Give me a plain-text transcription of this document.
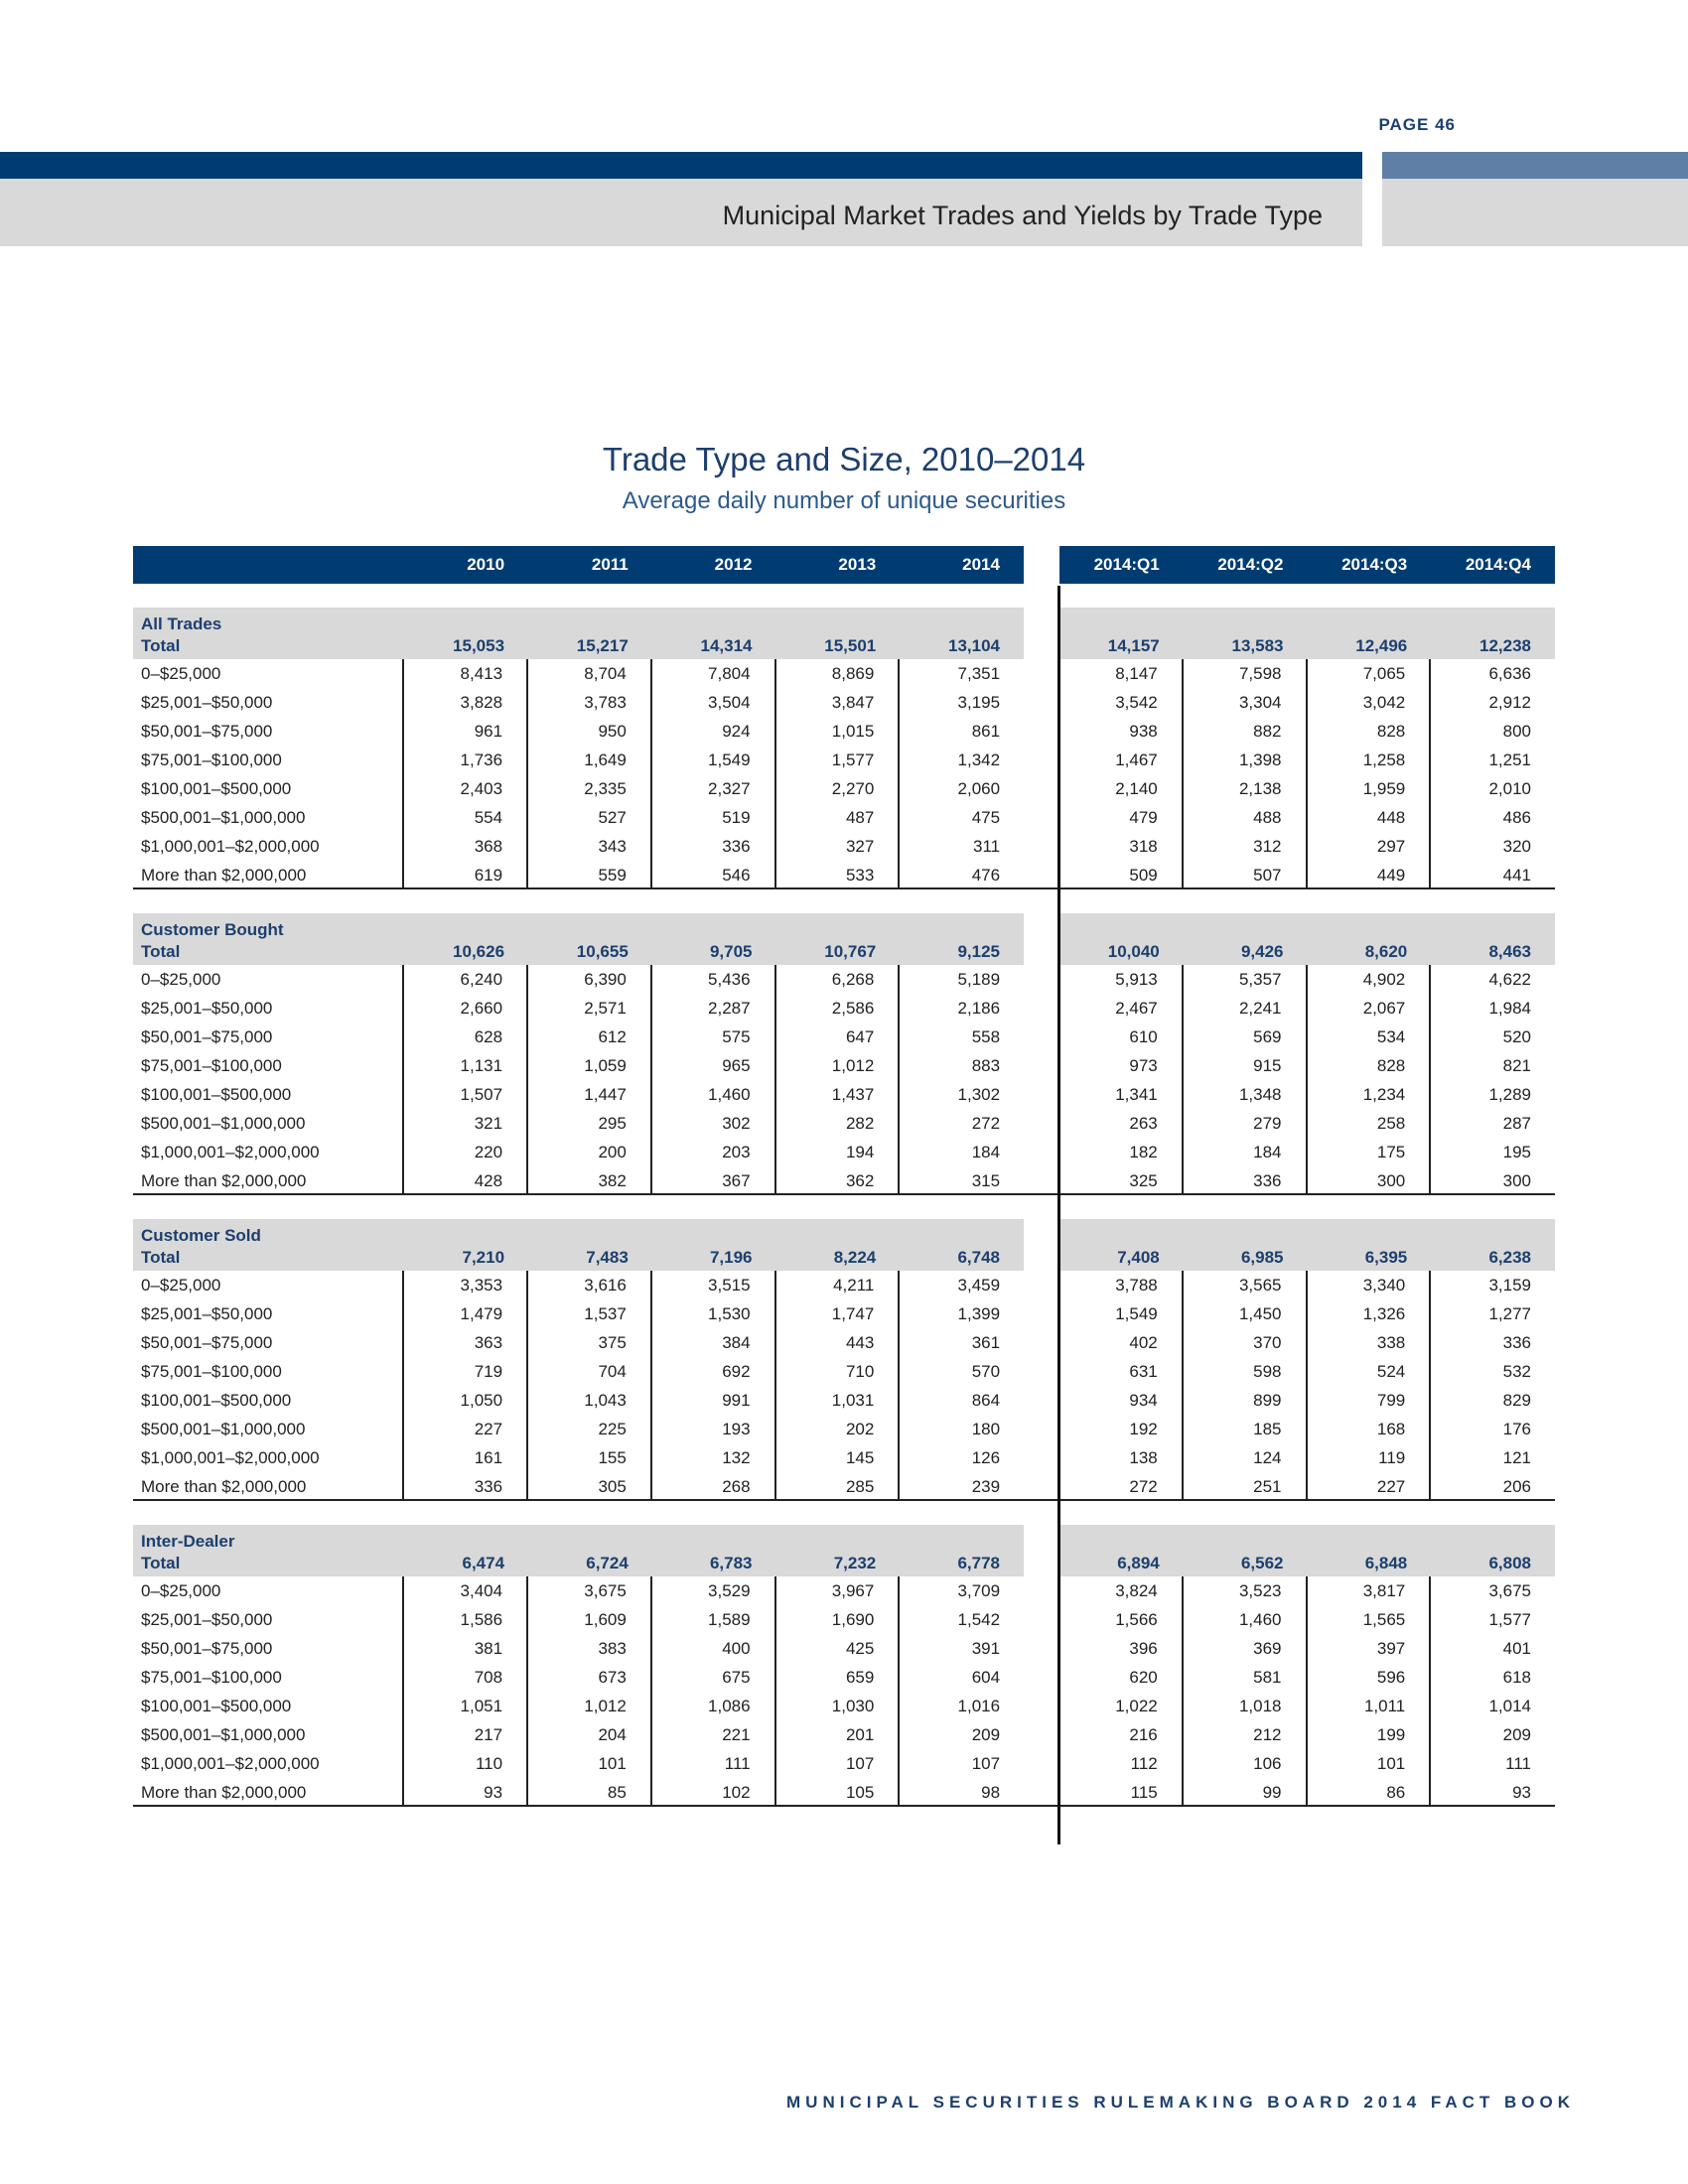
PAGE 46
Municipal Market Trades and Yields by Trade Type
Trade Type and Size, 2010–2014
Average daily number of unique securities
2010	2011	2012	2013	2014	2014:Q1	2014:Q2	2014:Q3	2014:Q4
All Trades
Total	15,053	15,217	14,314	15,501	13,104	14,157	13,583	12,496	12,238
0–$25,000	8,413	8,704	7,804	8,869	7,351	8,147	7,598	7,065	6,636
$25,001–$50,000	3,828	3,783	3,504	3,847	3,195	3,542	3,304	3,042	2,912
$50,001–$75,000	961	950	924	1,015	861	938	882	828	800
$75,001–$100,000	1,736	1,649	1,549	1,577	1,342	1,467	1,398	1,258	1,251
$100,001–$500,000	2,403	2,335	2,327	2,270	2,060	2,140	2,138	1,959	2,010
$500,001–$1,000,000	554	527	519	487	475	479	488	448	486
$1,000,001–$2,000,000	368	343	336	327	311	318	312	297	320
More than $2,000,000	619	559	546	533	476	509	507	449	441
Customer Bought
Total	10,626	10,655	9,705	10,767	9,125	10,040	9,426	8,620	8,463
0–$25,000	6,240	6,390	5,436	6,268	5,189	5,913	5,357	4,902	4,622
$25,001–$50,000	2,660	2,571	2,287	2,586	2,186	2,467	2,241	2,067	1,984
$50,001–$75,000	628	612	575	647	558	610	569	534	520
$75,001–$100,000	1,131	1,059	965	1,012	883	973	915	828	821
$100,001–$500,000	1,507	1,447	1,460	1,437	1,302	1,341	1,348	1,234	1,289
$500,001–$1,000,000	321	295	302	282	272	263	279	258	287
$1,000,001–$2,000,000	220	200	203	194	184	182	184	175	195
More than $2,000,000	428	382	367	362	315	325	336	300	300
Customer Sold
Total	7,210	7,483	7,196	8,224	6,748	7,408	6,985	6,395	6,238
0–$25,000	3,353	3,616	3,515	4,211	3,459	3,788	3,565	3,340	3,159
$25,001–$50,000	1,479	1,537	1,530	1,747	1,399	1,549	1,450	1,326	1,277
$50,001–$75,000	363	375	384	443	361	402	370	338	336
$75,001–$100,000	719	704	692	710	570	631	598	524	532
$100,001–$500,000	1,050	1,043	991	1,031	864	934	899	799	829
$500,001–$1,000,000	227	225	193	202	180	192	185	168	176
$1,000,001–$2,000,000	161	155	132	145	126	138	124	119	121
More than $2,000,000	336	305	268	285	239	272	251	227	206
Inter-Dealer
Total	6,474	6,724	6,783	7,232	6,778	6,894	6,562	6,848	6,808
0–$25,000	3,404	3,675	3,529	3,967	3,709	3,824	3,523	3,817	3,675
$25,001–$50,000	1,586	1,609	1,589	1,690	1,542	1,566	1,460	1,565	1,577
$50,001–$75,000	381	383	400	425	391	396	369	397	401
$75,001–$100,000	708	673	675	659	604	620	581	596	618
$100,001–$500,000	1,051	1,012	1,086	1,030	1,016	1,022	1,018	1,011	1,014
$500,001–$1,000,000	217	204	221	201	209	216	212	199	209
$1,000,001–$2,000,000	110	101	111	107	107	112	106	101	111
More than $2,000,000	93	85	102	105	98	115	99	86	93
MUNICIPAL SECURITIES RULEMAKING BOARD 2014 FACT BOOK
